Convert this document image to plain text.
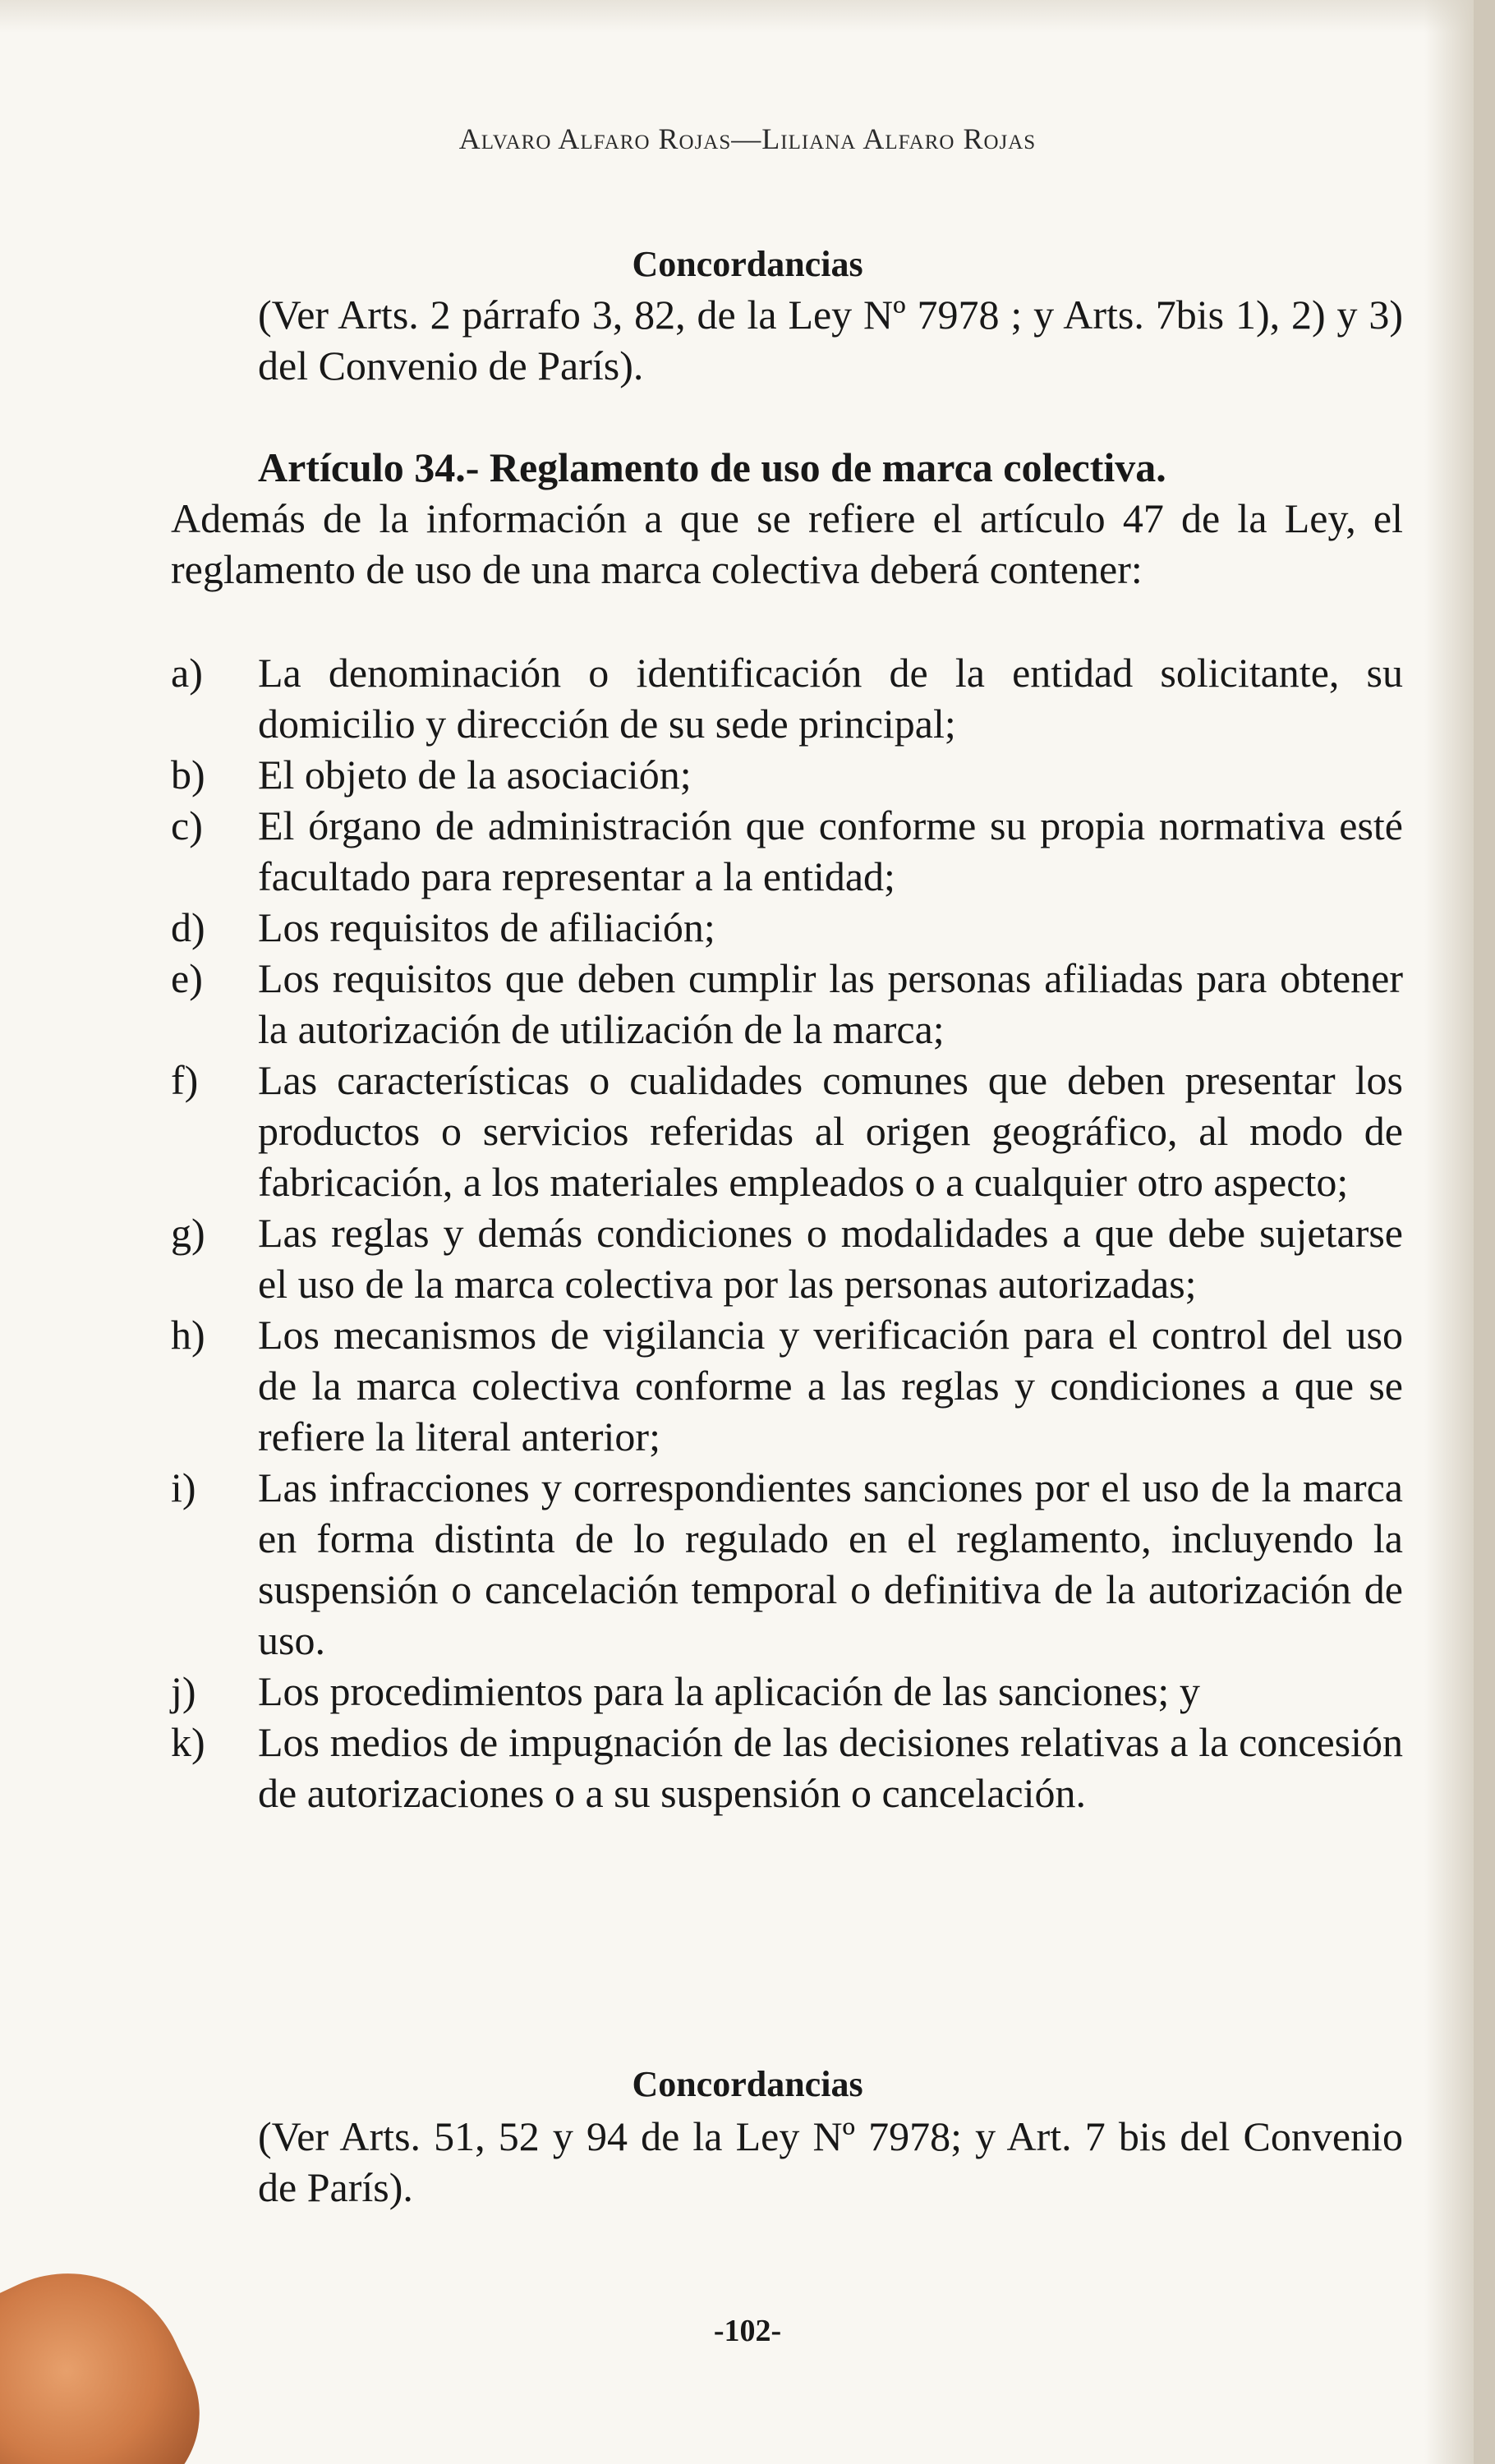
Alvaro Alfaro Rojas—Liliana Alfaro Rojas
Concordancias
(Ver Arts. 2 párrafo 3, 82, de la Ley Nº 7978 ; y Arts. 7bis 1), 2) y 3) del Convenio de París).
Artículo 34.- Reglamento de uso de marca colectiva.
Además de la información a que se refiere el artículo 47 de la Ley, el reglamento de uso de una marca colectiva deberá contener:
a) La denominación o identificación de la entidad solicitante, su domicilio y dirección de su sede principal;
b) El objeto de la asociación;
c) El órgano de administración que conforme su propia normativa esté facultado para representar a la entidad;
d) Los requisitos de afiliación;
e) Los requisitos que deben cumplir las personas afiliadas para obtener la autorización de utilización de la marca;
f) Las características o cualidades comunes que deben presentar los productos o servicios referidas al origen geográfico, al modo de fabricación, a los materiales empleados o a cualquier otro aspecto;
g) Las reglas y demás condiciones o modalidades a que debe sujetarse el uso de la marca colectiva por las personas autorizadas;
h) Los mecanismos de vigilancia y verificación para el control del uso de la marca colectiva conforme a las reglas y condiciones a que se refiere la literal anterior;
i) Las infracciones y correspondientes sanciones por el uso de la marca en forma distinta de lo regulado en el reglamento, incluyendo la suspensión o cancelación temporal o definitiva de la autorización de uso.
j) Los procedimientos para la aplicación de las sanciones; y
k) Los medios de impugnación de las decisiones relativas a la concesión de autorizaciones o a su suspensión o cancelación.
Concordancias
(Ver Arts. 51, 52 y 94 de la Ley Nº 7978; y Art. 7 bis del Convenio de París).
-102-
